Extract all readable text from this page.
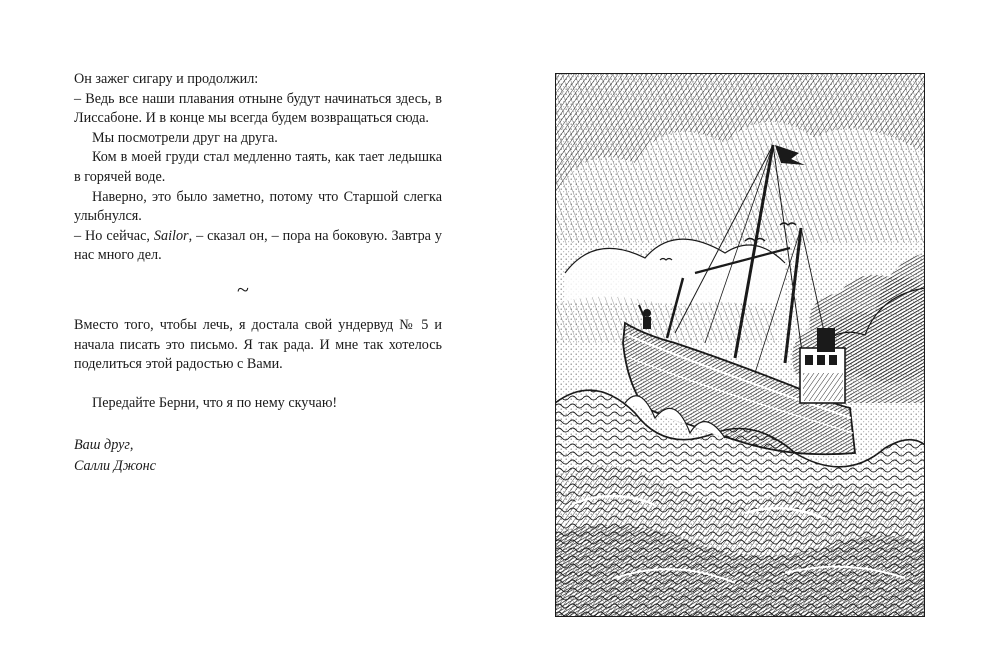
Он зажег сигару и продолжил:

– Ведь все наши плавания отныне будут начинаться здесь, в Лиссабоне. И в конце мы всегда будем возвращаться сюда.

Мы посмотрели друг на друга.

Ком в моей груди стал медленно таять, как тает ледышка в горячей воде.

Наверно, это было заметно, потому что Старшой слегка улыбнулся.

– Но сейчас, Sailor, – сказал он, – пора на боковую. Завтра у нас много дел.

~

Вместо того, чтобы лечь, я достала свой ундервуд № 5 и начала писать это письмо. Я так рада. И мне так хотелось поделиться этой радостью с Вами.

Передайте Берни, что я по нему скучаю!

Ваш друг,

Салли Джонс
